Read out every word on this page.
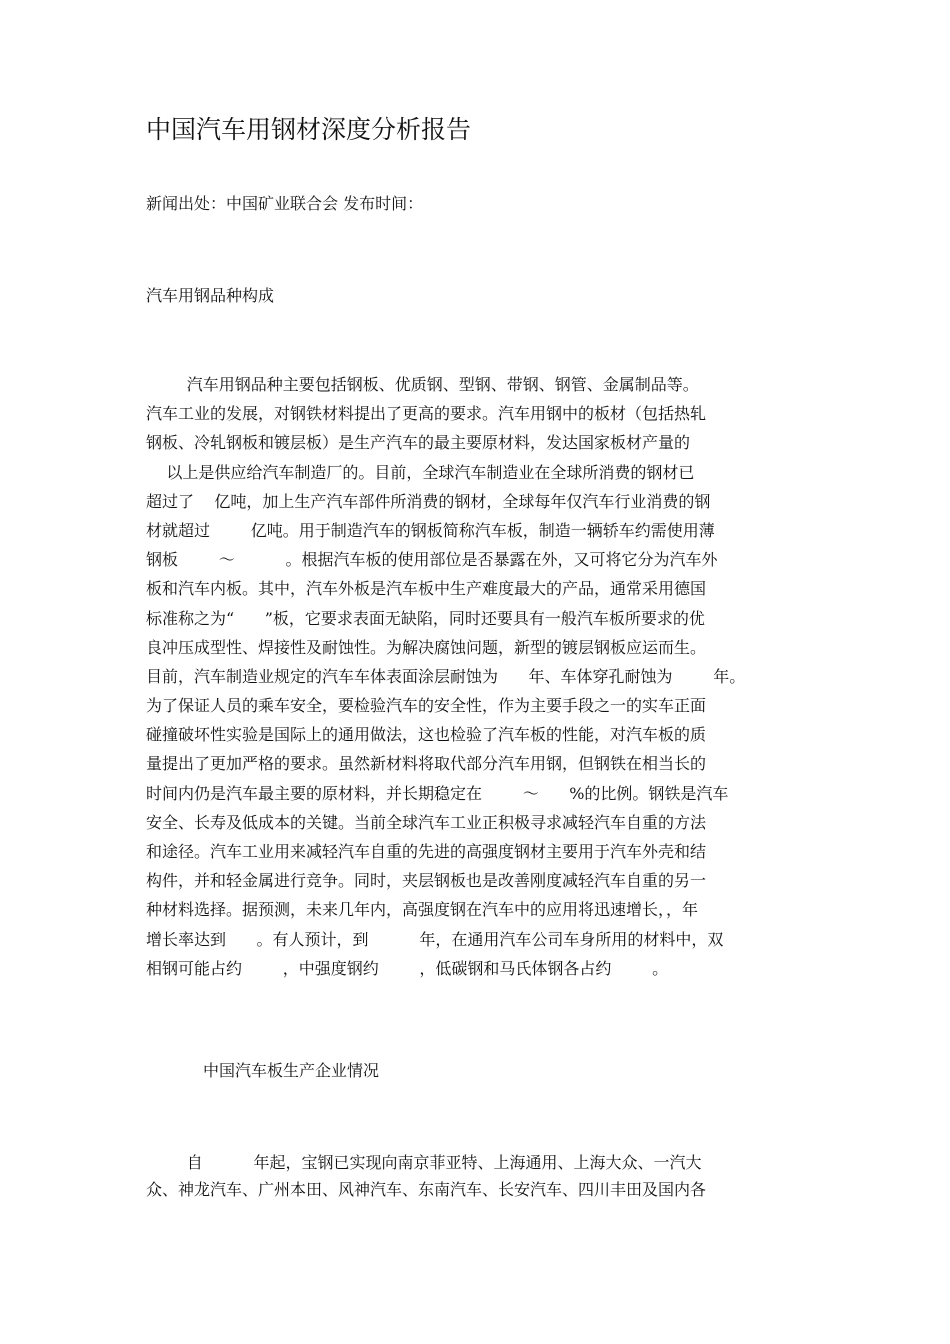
中国汽车用钢材深度分析报告
新闻出处：中国矿业联合会 发布时间：
汽车用钢品种构成
汽车用钢品种主要包括钢板、优质钢、型钢、带钢、钢管、金属制品等。
汽车工业的发展，对钢铁材料提出了更高的要求。汽车用钢中的板材（包括热轧
钢板、冷轧钢板和镀层板）是生产汽车的最主要原材料，发达国家板材产量的
以上是供应给汽车制造厂的。目前，全球汽车制造业在全球所消费的钢材已
超过了    亿吨，加上生产汽车部件所消费的钢材，全球每年仅汽车行业消费的钢
材就超过        亿吨。用于制造汽车的钢板简称汽车板，制造一辆轿车约需使用薄
钢板        ～          。根据汽车板的使用部位是否暴露在外，又可将它分为汽车外
板和汽车内板。其中，汽车外板是汽车板中生产难度最大的产品，通常采用德国
标准称之为“      ”板，它要求表面无缺陷，同时还要具有一般汽车板所要求的优
良冲压成型性、焊接性及耐蚀性。为解决腐蚀问题，新型的镀层钢板应运而生。
目前，汽车制造业规定的汽车车体表面涂层耐蚀为      年、车体穿孔耐蚀为        年。
为了保证人员的乘车安全，要检验汽车的安全性，作为主要手段之一的实车正面
碰撞破坏性实验是国际上的通用做法，这也检验了汽车板的性能，对汽车板的质
量提出了更加严格的要求。虽然新材料将取代部分汽车用钢，但钢铁在相当长的
时间内仍是汽车最主要的原材料，并长期稳定在        ～      %的比例。钢铁是汽车
安全、长寿及低成本的关键。当前全球汽车工业正积极寻求减轻汽车自重的方法
和途径。汽车工业用来减轻汽车自重的先进的高强度钢材主要用于汽车外壳和结
构件，并和轻金属进行竞争。同时，夹层钢板也是改善刚度减轻汽车自重的另一
种材料选择。据预测，未来几年内，高强度钢在汽车中的应用将迅速增长，，年
增长率达到      。有人预计，到          年，在通用汽车公司车身所用的材料中，双
相钢可能占约        ，中强度钢约        ，低碳钢和马氏体钢各占约        。
中国汽车板生产企业情况
自          年起，宝钢已实现向南京菲亚特、上海通用、上海大众、一汽大
众、神龙汽车、广州本田、风神汽车、东南汽车、长安汽车、四川丰田及国内各
